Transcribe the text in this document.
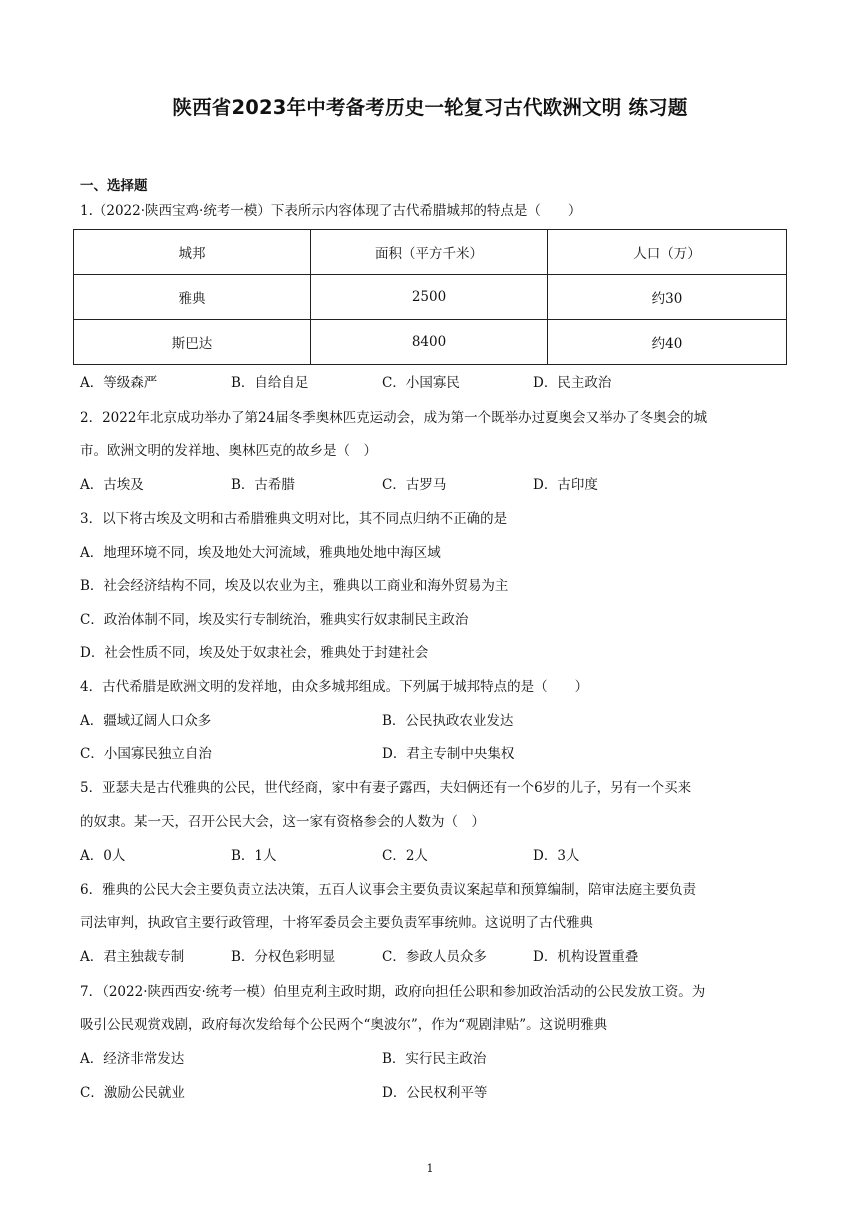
陕西省2023年中考备考历史一轮复习古代欧洲文明 练习题
一、选择题
1.（2022·陕西宝鸡·统考一模）下表所示内容体现了古代希腊城邦的特点是（　　）
城邦	面积（平方千米）	人口（万）
雅典	2500	约30
斯巴达	8400	约40
A．等级森严	B．自给自足	C．小国寡民	D．民主政治
2．2022年北京成功举办了第24届冬季奥林匹克运动会，成为第一个既举办过夏奥会又举办了冬奥会的城
市。欧洲文明的发祥地、奥林匹克的故乡是（　）
A．古埃及	B．古希腊	C．古罗马	D．古印度
3．以下将古埃及文明和古希腊雅典文明对比，其不同点归纳不正确的是
A．地理环境不同，埃及地处大河流域，雅典地处地中海区域
B．社会经济结构不同，埃及以农业为主，雅典以工商业和海外贸易为主
C．政治体制不同，埃及实行专制统治，雅典实行奴隶制民主政治
D．社会性质不同，埃及处于奴隶社会，雅典处于封建社会
4．古代希腊是欧洲文明的发祥地，由众多城邦组成。下列属于城邦特点的是（　　）
A．疆域辽阔人口众多	B．公民执政农业发达
C．小国寡民独立自治	D．君主专制中央集权
5．亚瑟夫是古代雅典的公民，世代经商，家中有妻子露西，夫妇俩还有一个6岁的儿子，另有一个买来
的奴隶。某一天，召开公民大会，这一家有资格参会的人数为（　）
A．0人	B．1人	C．2人	D．3人
6．雅典的公民大会主要负责立法决策，五百人议事会主要负责议案起草和预算编制，陪审法庭主要负责
司法审判，执政官主要行政管理，十将军委员会主要负责军事统帅。这说明了古代雅典
A．君主独裁专制	B．分权色彩明显	C．参政人员众多	D．机构设置重叠
7．（2022·陕西西安·统考一模）伯里克利主政时期，政府向担任公职和参加政治活动的公民发放工资。为
吸引公民观赏戏剧，政府每次发给每个公民两个“奥波尔”，作为“观剧津贴”。这说明雅典
A．经济非常发达	B．实行民主政治
C．激励公民就业	D．公民权利平等
1
